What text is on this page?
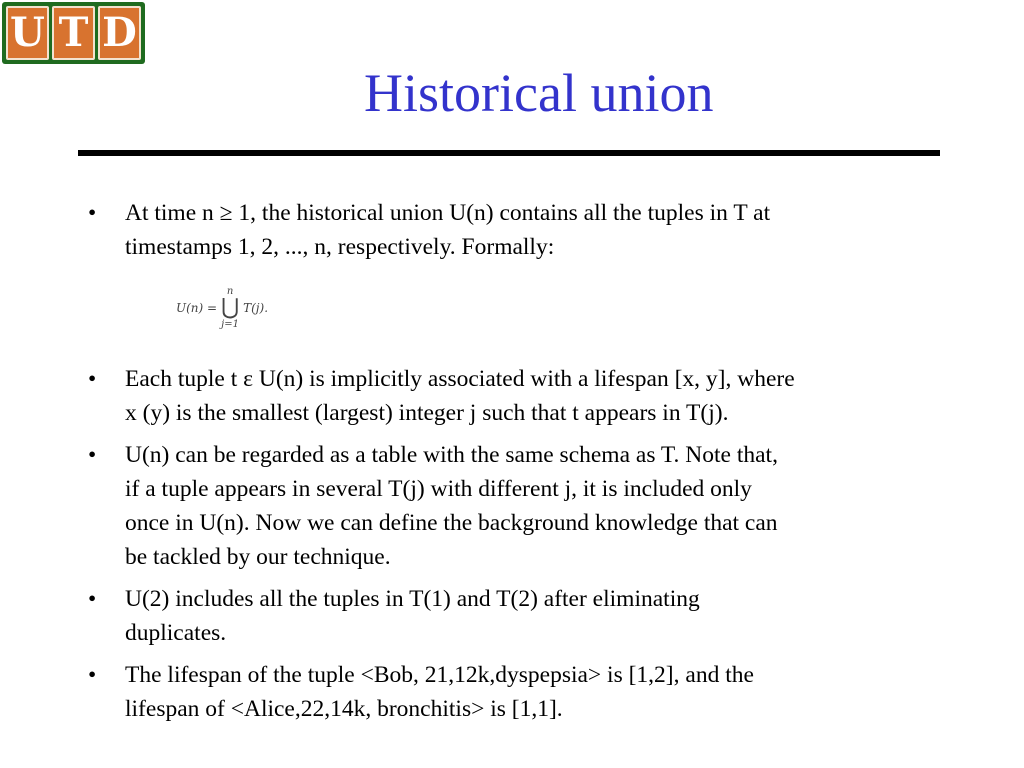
U T D
Historical union
• At time n ≥ 1, the historical union U(n) contains all the tuples in T at
timestamps 1, 2, ..., n, respectively. Formally:
U(n) =
n
⋃
j=1
T(j).
• Each tuple t ε U(n) is implicitly associated with a lifespan [x, y], where
x (y) is the smallest (largest) integer j such that t appears in T(j).
• U(n) can be regarded as a table with the same schema as T. Note that,
if a tuple appears in several T(j) with different j, it is included only
once in U(n). Now we can define the background knowledge that can
be tackled by our technique.
• U(2) includes all the tuples in T(1) and T(2) after eliminating
duplicates.
• The lifespan of the tuple <Bob, 21,12k,dyspepsia> is [1,2], and the
lifespan of <Alice,22,14k, bronchitis> is [1,1].
